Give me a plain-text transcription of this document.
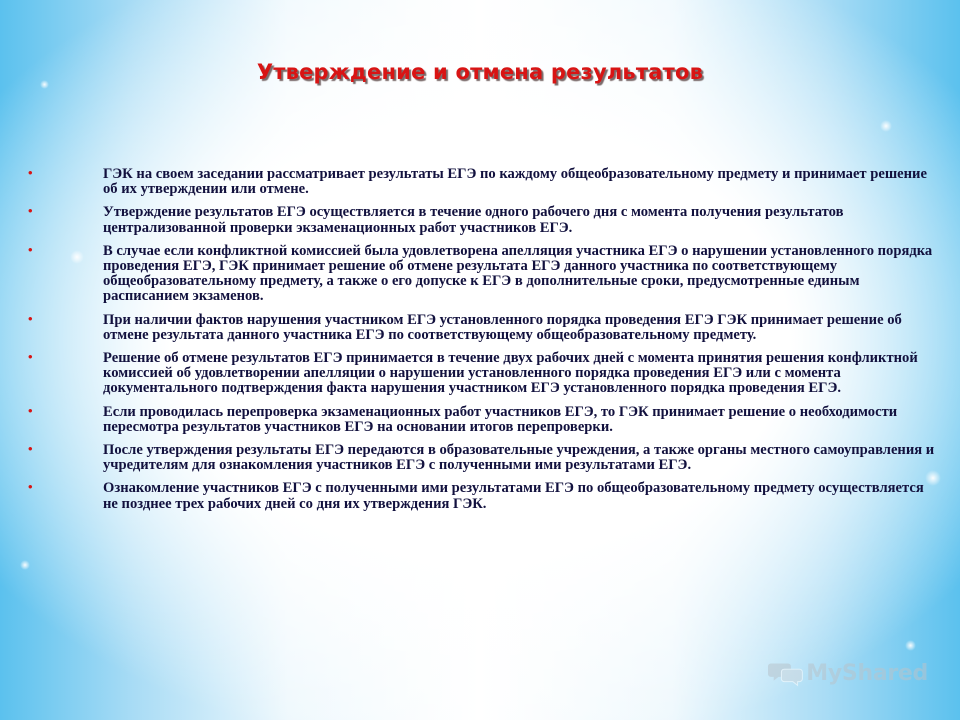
Утверждение и отмена результатов
•	ГЭК на своем заседании рассматривает результаты ЕГЭ по каждому общеобразовательному предмету и принимает решение об их утверждении или отмене.
•	Утверждение результатов ЕГЭ осуществляется в течение одного рабочего дня с момента получения результатов централизованной проверки экзаменационных работ участников ЕГЭ.
•	В случае если конфликтной комиссией была удовлетворена апелляция участника ЕГЭ о нарушении установленного порядка проведения ЕГЭ, ГЭК принимает решение об отмене результата ЕГЭ данного участника по соответствующему общеобразовательному предмету, а также о его допуске к ЕГЭ в дополнительные сроки, предусмотренные единым расписанием экзаменов.
•	При наличии фактов нарушения участником ЕГЭ установленного порядка проведения ЕГЭ ГЭК принимает решение об отмене результата данного участника ЕГЭ по соответствующему общеобразовательному предмету.
•	Решение об отмене результатов ЕГЭ принимается в течение двух рабочих дней с момента принятия решения конфликтной комиссией об удовлетворении апелляции о нарушении установленного порядка проведения ЕГЭ или с момента документального подтверждения факта нарушения участником ЕГЭ установленного порядка проведения ЕГЭ.
•	Если проводилась перепроверка экзаменационных работ участников ЕГЭ, то ГЭК принимает решение о необходимости пересмотра результатов участников ЕГЭ на основании итогов перепроверки.
•	После утверждения результаты ЕГЭ передаются в образовательные учреждения, а также органы местного самоуправления и учредителям для ознакомления участников ЕГЭ с полученными ими результатами ЕГЭ.
•	Ознакомление участников ЕГЭ с полученными ими результатами ЕГЭ по общеобразовательному предмету осуществляется не позднее трех рабочих дней со дня их утверждения ГЭК.
MyShared
